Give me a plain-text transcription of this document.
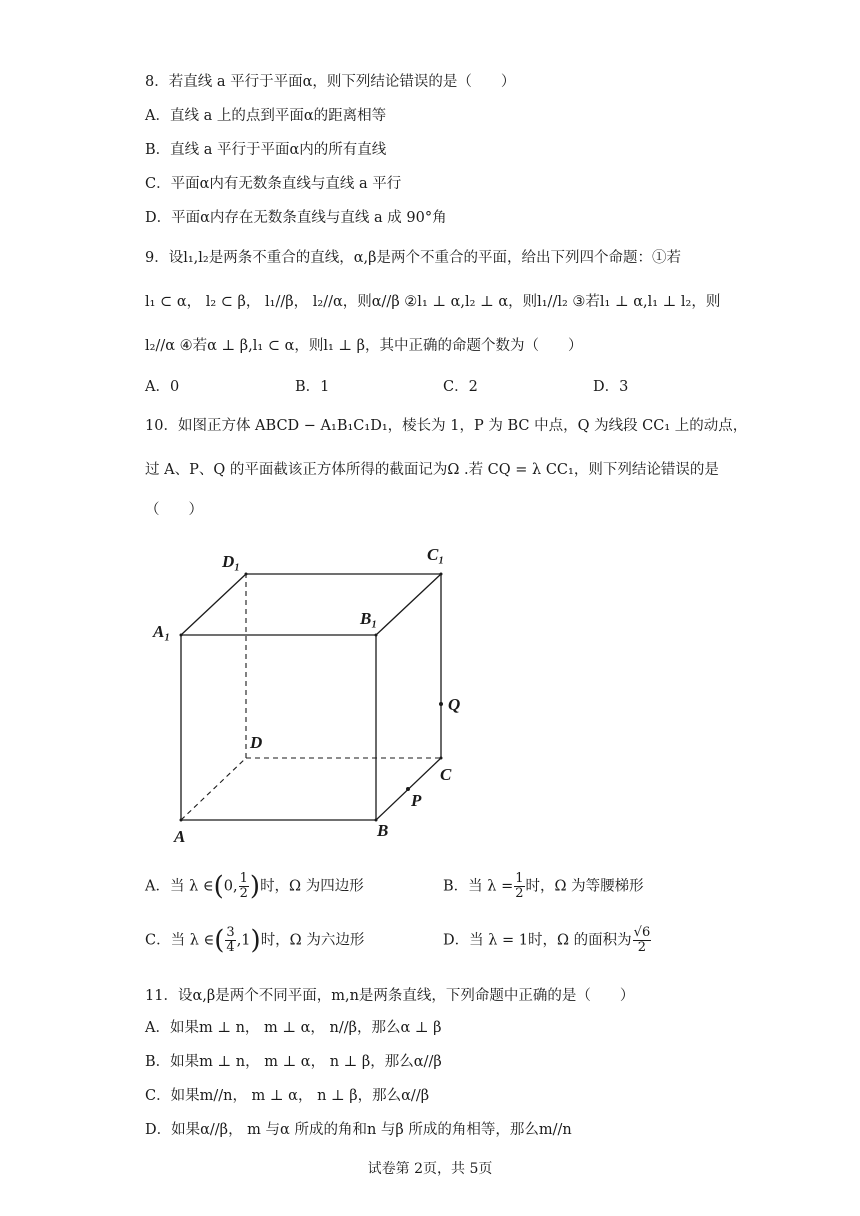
8．若直线 a 平行于平面α，则下列结论错误的是（　　）
A．直线 a 上的点到平面α的距离相等
B．直线 a 平行于平面α内的所有直线
C．平面α内有无数条直线与直线 a 平行
D．平面α内存在无数条直线与直线 a 成 90°角
9．设l₁,l₂是两条不重合的直线，α,β是两个不重合的平面，给出下列四个命题：①若
l₁ ⊂ α， l₂ ⊂ β， l₁//β， l₂//α，则α//β ②l₁ ⊥ α,l₂ ⊥ α，则l₁//l₂ ③若l₁ ⊥ α,l₁ ⊥ l₂，则
l₂//α ④若α ⊥ β,l₁ ⊂ α，则l₁ ⊥ β，其中正确的命题个数为（　　）
A．0	B．1	C．2	D．3
10．如图正方体 ABCD − A₁B₁C₁D₁，棱长为 1，P 为 BC 中点，Q 为线段 CC₁ 上的动点，
过 A、P、Q 的平面截该正方体所得的截面记为Ω .若 CQ = λ CC₁，则下列结论错误的是
（　　）
D₁	C₁
A₁
B₁
Q
D
C
P
A	B
A．当 λ ∈(0, $\frac{1}{2}$ )时，Ω 为四边形	B．当 $\lambda = \frac{1}{2}$ 时，Ω 为等腰梯形
C．当 λ ∈( $\frac{3}{4} ,1$)时，Ω 为六边形	D．当 λ = 1时，Ω 的面积为 $\frac{√6}{2}$
11．设α,β是两个不同平面，m,n是两条直线，下列命题中正确的是（　　）
A．如果m ⊥ n， m ⊥ α， n//β，那么α ⊥ β
B．如果m ⊥ n， m ⊥ α， n ⊥ β，那么α//β
C．如果m//n， m ⊥ α， n ⊥ β，那么α//β
D．如果α//β， m 与α 所成的角和n 与β 所成的角相等，那么m//n
试卷第 2页，共 5页
